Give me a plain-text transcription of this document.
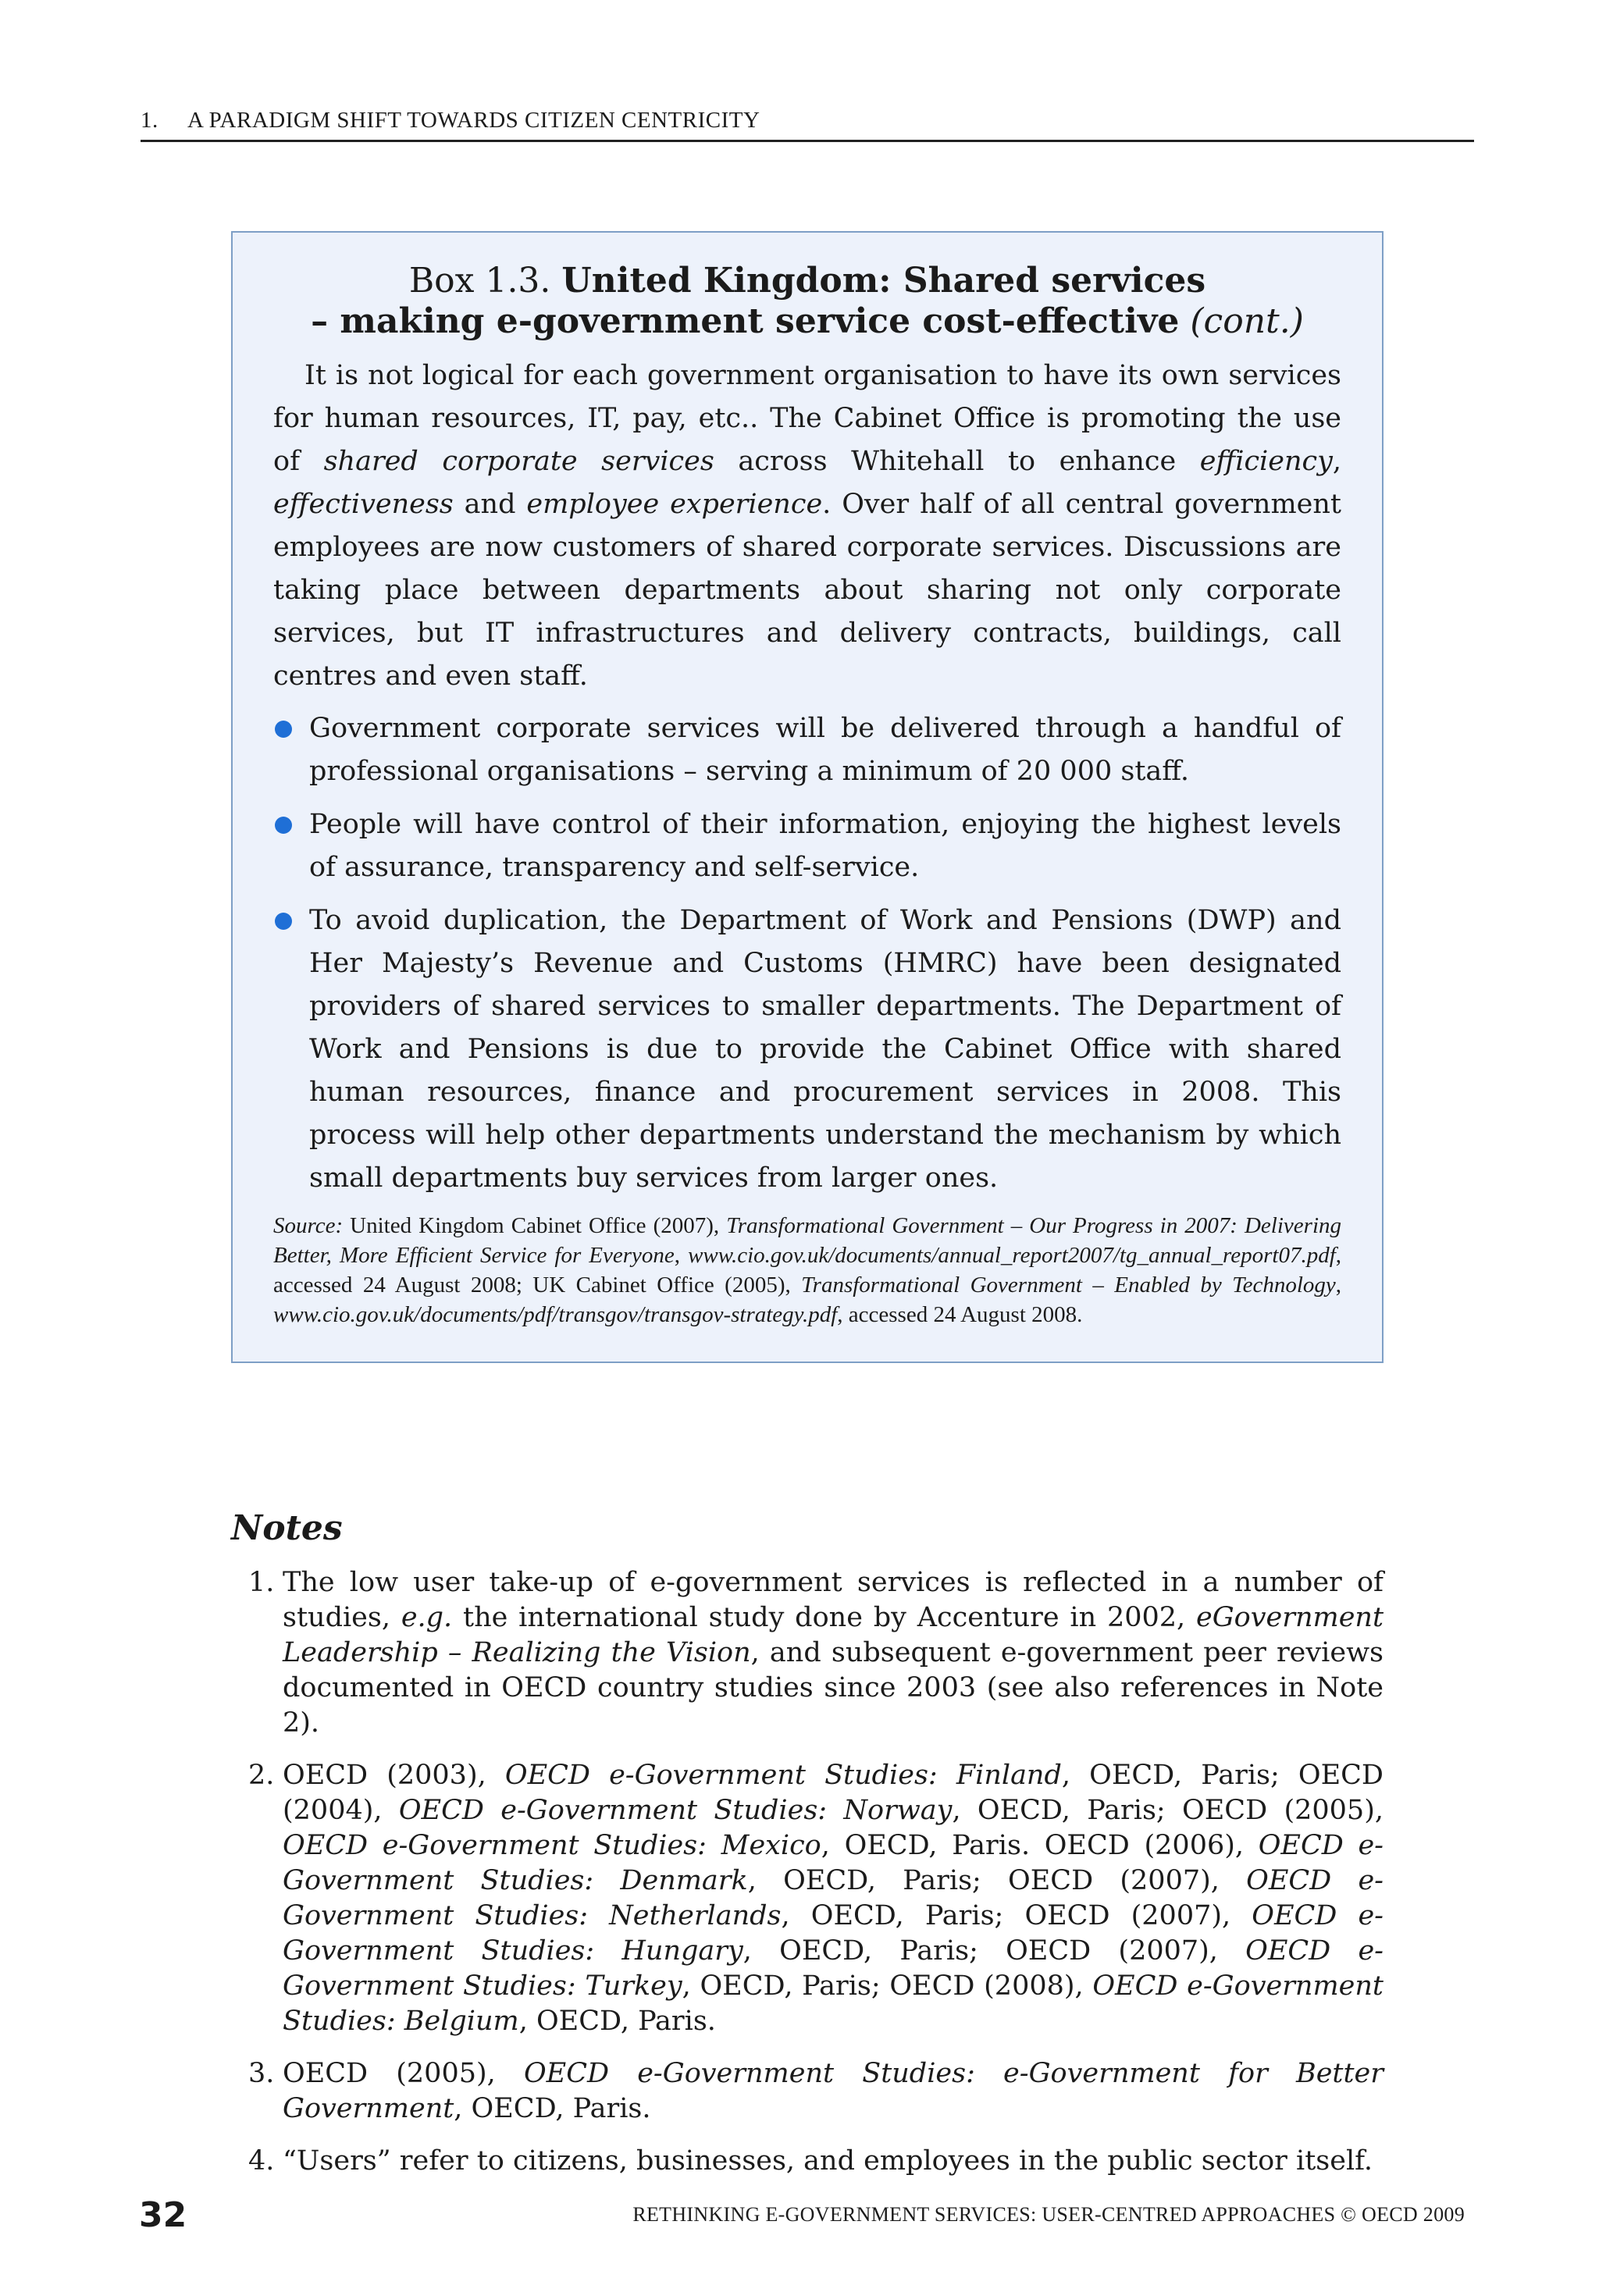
1. A PARADIGM SHIFT TOWARDS CITIZEN CENTRICITY
Box 1.3. United Kingdom: Shared services
– making e-government service cost-effective (cont.)

It is not logical for each government organisation to have its own services for human resources, IT, pay, etc.. The Cabinet Office is promoting the use of shared corporate services across Whitehall to enhance efficiency, effectiveness and employee experience. Over half of all central government employees are now customers of shared corporate services. Discussions are taking place between departments about sharing not only corporate services, but IT infrastructures and delivery contracts, buildings, call centres and even staff.

Government corporate services will be delivered through a handful of professional organisations – serving a minimum of 20 000 staff.
People will have control of their information, enjoying the highest levels of assurance, transparency and self-service.
To avoid duplication, the Department of Work and Pensions (DWP) and Her Majesty’s Revenue and Customs (HMRC) have been designated providers of shared services to smaller departments. The Department of Work and Pensions is due to provide the Cabinet Office with shared human resources, finance and procurement services in 2008. This process will help other departments understand the mechanism by which small departments buy services from larger ones.
Source: United Kingdom Cabinet Office (2007), Transformational Government – Our Progress in 2007: Delivering Better, More Efficient Service for Everyone, www.cio.gov.uk/documents/annual_report2007/tg_annual_report07.pdf, accessed 24 August 2008; UK Cabinet Office (2005), Transformational Government – Enabled by Technology, www.cio.gov.uk/documents/pdf/transgov/transgov-strategy.pdf, accessed 24 August 2008.
Notes
1. The low user take-up of e-government services is reflected in a number of studies, e.g. the international study done by Accenture in 2002, eGovernment Leadership – Realizing the Vision, and subsequent e-government peer reviews documented in OECD country studies since 2003 (see also references in Note 2).
2. OECD (2003), OECD e-Government Studies: Finland, OECD, Paris; OECD (2004), OECD e-Government Studies: Norway, OECD, Paris; OECD (2005), OECD e-Government Studies: Mexico, OECD, Paris. OECD (2006), OECD e-Government Studies: Denmark, OECD, Paris; OECD (2007), OECD e-Government Studies: Netherlands, OECD, Paris; OECD (2007), OECD e-Government Studies: Hungary, OECD, Paris; OECD (2007), OECD e-Government Studies: Turkey, OECD, Paris; OECD (2008), OECD e-Government Studies: Belgium, OECD, Paris.
3. OECD (2005), OECD e-Government Studies: e-Government for Better Government, OECD, Paris.
4. “Users” refer to citizens, businesses, and employees in the public sector itself.
32	RETHINKING E-GOVERNMENT SERVICES: USER-CENTRED APPROACHES © OECD 2009
